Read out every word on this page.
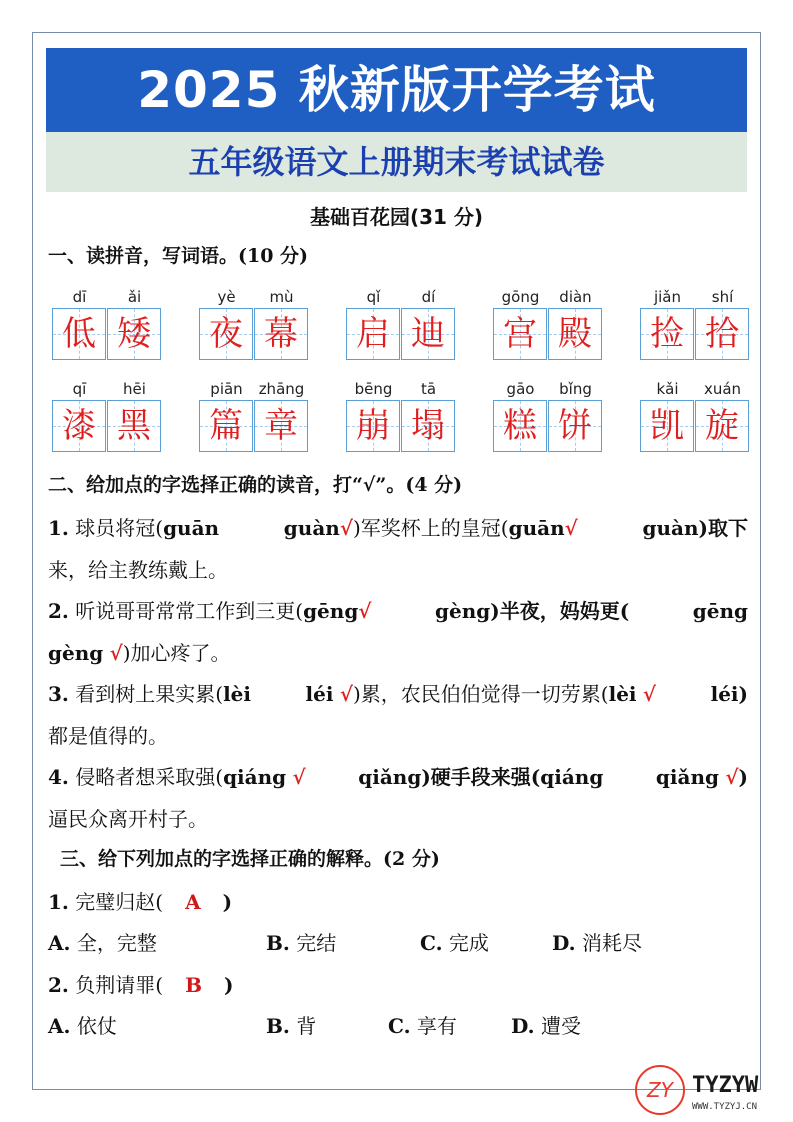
2025 秋新版开学考试
五年级语文上册期末考试试卷
基础百花园(31 分)
一、读拼音，写词语。(10 分)
dī	ǎi
低 矮
yè	mù
夜 幕
qǐ	dí
启 迪
gōng	diàn
宫 殿
jiǎn	shí
捡 拾
qī	hēi
漆 黑
piān	zhāng
篇 章
bēng	tā
崩 塌
gāo	bǐng
糕 饼
kǎi	xuán
凯 旋
二、给加点的字选择正确的读音，打“√”。(4 分)
1. 球员将冠(guān	guàn√)军奖杯上的皇冠(guān√	guàn)取下
来，给主教练戴上。
2. 听说哥哥常常工作到三更(gēng√	gèng)半夜，妈妈更(	gēng
gèng √)加心疼了。
3. 看到树上果实累(lèi	léi √)累，农民伯伯觉得一切劳累(lèi √	léi)
都是值得的。
4. 侵略者想采取强(qiáng √	qiǎng)硬手段来强(qiáng	qiǎng √)
逼民众离开村子。
三、给下列加点的字选择正确的解释。(2 分)
1. 完璧归赵( A )
A. 全，完整	B. 完结	C. 完成	D. 消耗尽
2. 负荆请罪( B )
A. 依仗	B. 背	C. 享有	D. 遭受
ZY TYZYW
WWW.TYZYJ.CN
